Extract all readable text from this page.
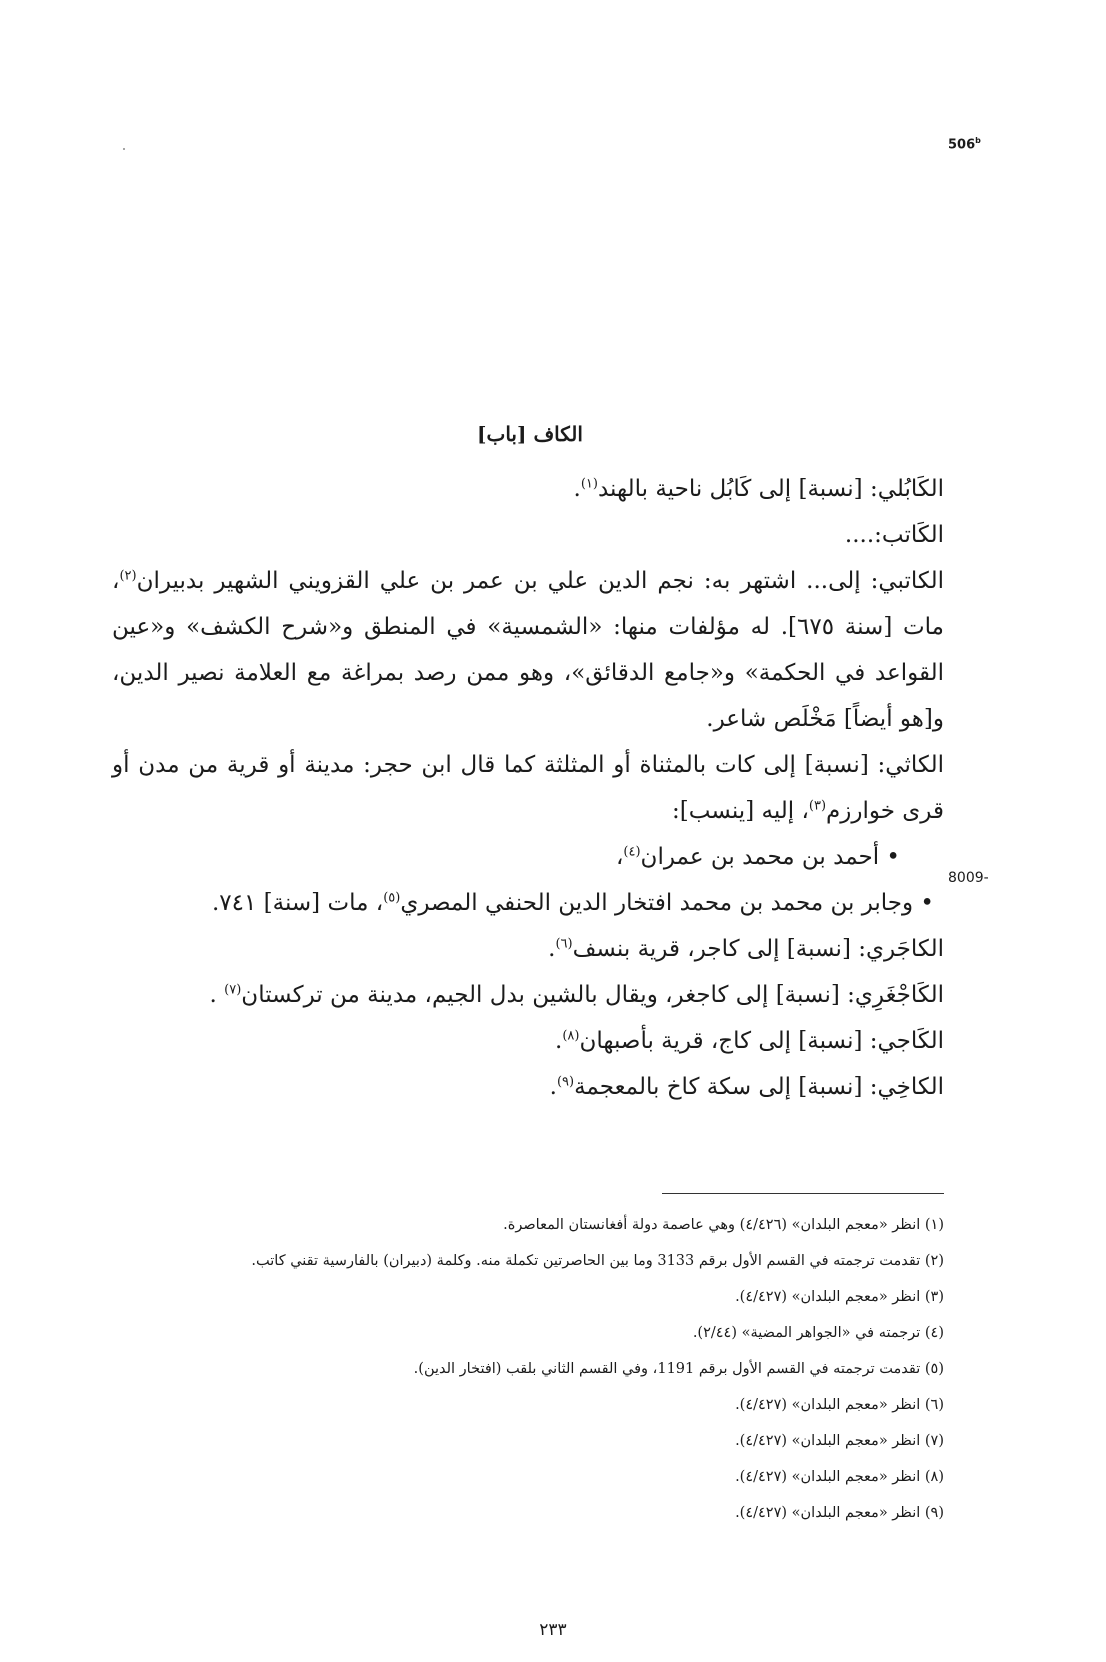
506$^b$
[باب] الكاف

الكَابُلي: [نسبة] إلى كَابُل ناحية بالهند$^{(١)}$.

الكَاتب:....

الكاتبي: إلى... اشتهر به: نجم الدين علي بن عمر بن علي القزويني الشهير بدبيران$^{(٢)}$، مات [سنة ٦٧٥]. له مؤلفات منها: «الشمسية» في المنطق و«شرح الكشف» و«عين القواعد في الحكمة» و«جامع الدقائق»، وهو ممن رصد بمراغة مع العلامة نصير الدين، و[هو أيضاً] مَخْلَص شاعر.

الكاثي: [نسبة] إلى كات بالمثناة أو المثلثة كما قال ابن حجر: مدينة أو قرية من مدن أو قرى خوارزم$^{(٣)}$، إليه [ينسب]:

• أحمد بن محمد بن عمران$^{(٤)}$،

• وجابر بن محمد بن محمد افتخار الدين الحنفي المصري$^{(٥)}$، مات [سنة] ٧٤١.

الكاجَري: [نسبة] إلى كاجر، قرية بنسف$^{(٦)}$.

الكَاجْغَرِي: [نسبة] إلى كاجغر، ويقال بالشين بدل الجيم، مدينة من تركستان$^{(٧)}$ .

الكَاجي: [نسبة] إلى كاج، قرية بأصبهان$^{(٨)}$.

الكاخِي: [نسبة] إلى سكة كاخ بالمعجمة$^{(٩)}$.

8009-

(١) انظر «معجم البلدان» (٤/٤٢٦) وهي عاصمة دولة أفغانستان المعاصرة.

(٢) تقدمت ترجمته في القسم الأول برقم 3133 وما بين الحاصرتين تكملة منه. وكلمة (دبيران) بالفارسية تقني كاتب.

(٣) انظر «معجم البلدان» (٤/٤٢٧).

(٤) ترجمته في «الجواهر المضية» (٢/٤٤).

(٥) تقدمت ترجمته في القسم الأول برقم 1191، وفي القسم الثاني بلقب (افتخار الدين).

(٦) انظر «معجم البلدان» (٤/٤٢٧).

(٧) انظر «معجم البلدان» (٤/٤٢٧).

(٨) انظر «معجم البلدان» (٤/٤٢٧).

(٩) انظر «معجم البلدان» (٤/٤٢٧).

٢٣٣
